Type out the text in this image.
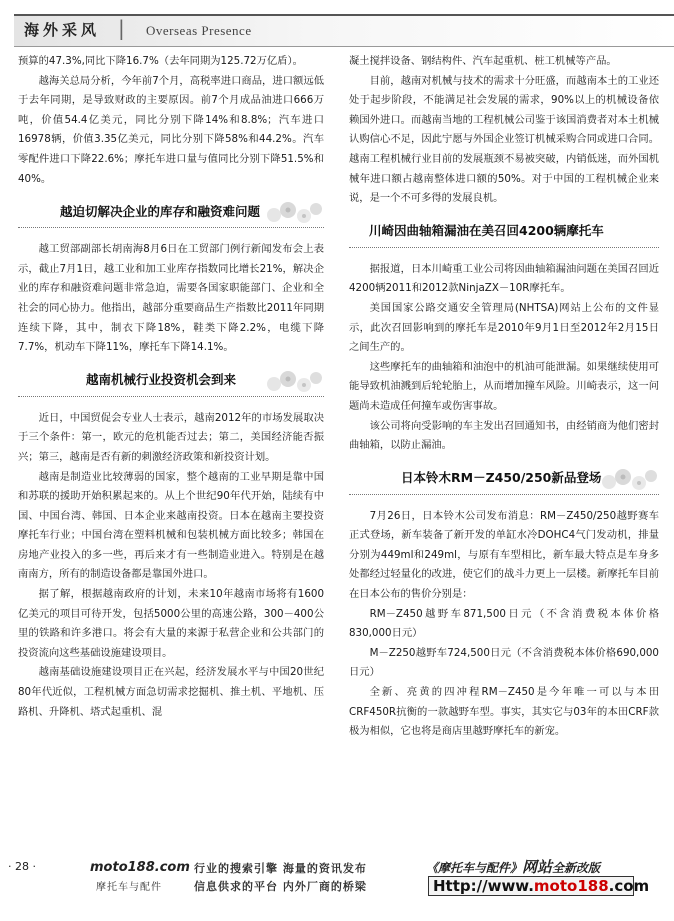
海外采风 | Overseas Presence

预算的47.3%,同比下降16.7%（去年同期为125.72万亿盾）。

越海关总局分析，今年前7个月，高税率进口商品，进口额远低于去年同期，是导致财政的主要原因。前7个月成品油进口666万吨，价值54.4亿美元，同比分别下降14%和8.8%；汽车进口16978辆，价值3.35亿美元，同比分别下降58%和44.2%。汽车零配件进口下降22.6%；摩托车进口量与值同比分别下降51.5%和40%。

越迫切解决企业的库存和融资难问题

越工贸部副部长胡南海8月6日在工贸部门例行新闻发布会上表示，截止7月1日，越工业和加工业库存指数同比增长21%，解决企业的库存和融资难问题非常急迫，需要各国家职能部门、企业和全社会的同心协力。他指出，越部分重要商品生产指数比2011年同期连续下降，其中，制衣下降18%，鞋类下降2.2%，电缆下降7.7%，机动车下降11%，摩托车下降14.1%。

越南机械行业投资机会到来

近日，中国贸促会专业人士表示，越南2012年的市场发展取决于三个条件：第一，欧元的危机能否过去；第二，美国经济能否振兴；第三，越南是否有新的刺激经济政策和新投资计划。

越南是制造业比较薄弱的国家，整个越南的工业早期是靠中国和苏联的援助开始积累起来的。从上个世纪90年代开始，陆续有中国、中国台湾、韩国、日本企业来越南投资。日本在越南主要投资摩托车行业；中国台湾在塑料机械和包装机械方面比较多；韩国在房地产业投入的多一些，再后来才有一些制造业进入。特别是在越南南方，所有的制造设备都是靠国外进口。

据了解，根据越南政府的计划，未来10年越南市场将有1600亿美元的项目可待开发，包括5000公里的高速公路，300－400公里的铁路和许多港口。将会有大量的来源于私营企业和公共部门的投资流向这些基础设施建设项目。

越南基础设施建设项目正在兴起，经济发展水平与中国20世纪80年代近似，工程机械方面急切需求挖掘机、推土机、平地机、压路机、升降机、塔式起重机、混

凝土搅拌设备、钢结构件、汽车起重机、桩工机械等产品。

目前，越南对机械与技术的需求十分旺盛，而越南本土的工业还处于起步阶段，不能满足社会发展的需求，90%以上的机械设备依赖国外进口。而越南当地的工程机械公司鉴于该国消费者对本土机械认购信心不足，因此宁愿与外国企业签订机械采购合同或进口合同。越南工程机械行业目前的发展瓶颈不易被突破，内销低迷，而外国机械年进口额占越南整体进口额的50%。对于中国的工程机械企业来说，是一个不可多得的发展良机。

川崎因曲轴箱漏油在美召回4200辆摩托车

据报道，日本川崎重工业公司将因曲轴箱漏油问题在美国召回近4200辆2011和2012款NinjaZX－10R摩托车。

美国国家公路交通安全管理局(NHTSA)网站上公布的文件显示，此次召回影响到的摩托车是2010年9月1日至2012年2月15日之间生产的。

这些摩托车的曲轴箱和油泡中的机油可能泄漏。如果继续使用可能导致机油溅到后轮轮胎上，从而增加撞车风险。川崎表示，这一问题尚未造成任何撞车或伤害事故。

该公司将向受影响的车主发出召回通知书，由经销商为他们密封曲轴箱，以防止漏油。

日本铃木RM－Z450/250新品登场

7月26日，日本铃木公司发布消息：RM－Z450/250越野赛车正式登场，新车装备了新开发的单缸水冷DOHC4气门发动机，排量分别为449ml和249ml，与原有车型相比，新车最大特点是车身多处都经过轻量化的改进，使它们的战斗力更上一层楼。新摩托车目前在日本公布的售价分别是：

RM－Z450越野车871,500日元（不含消费税本体价格830,000日元）

M－Z250越野车724,500日元（不含消费税本体价格690,000日元）

全新、亮黄的四冲程RM－Z450是今年唯一可以与本田CRF450R抗衡的一款越野车型。事实，其实它与03年的本田CRF款极为相似，它也将是商店里越野摩托车的新宠。

· 28 ·	moto188.com
摩托车与配件
行业的搜索引擎 海量的资讯发布
信息供求的平台 内外厂商的桥梁
《摩托车与配件》网站全新改版
Http://www.moto188.com
